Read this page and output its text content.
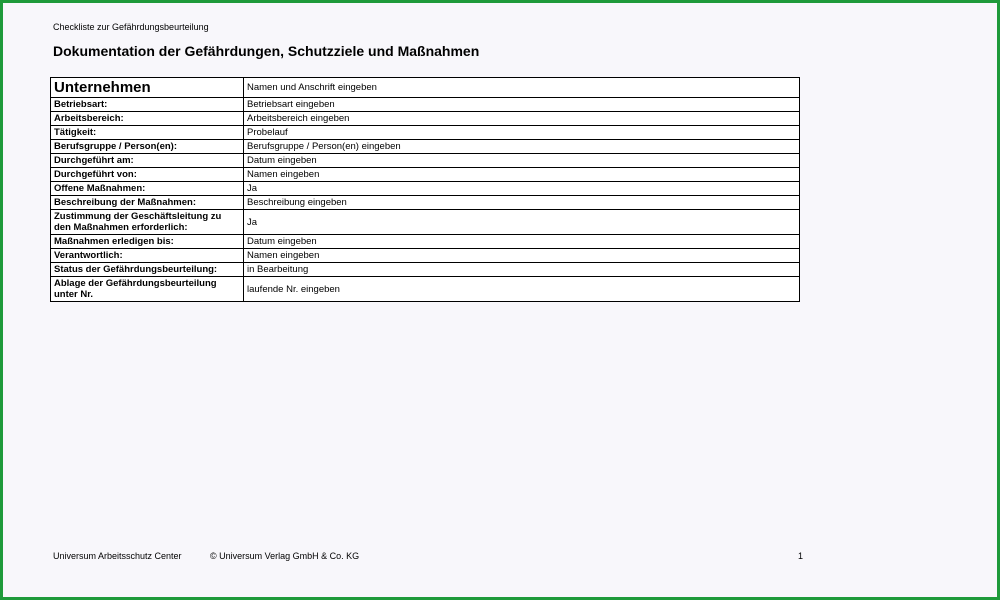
Checkliste zur Gefährdungsbeurteilung
Dokumentation der Gefährdungen, Schutzziele und Maßnahmen
Unternehmen	Namen und Anschrift eingeben
Betriebsart:	Betriebsart eingeben
Arbeitsbereich:	Arbeitsbereich eingeben
Tätigkeit:	Probelauf
Berufsgruppe / Person(en):	Berufsgruppe / Person(en) eingeben
Durchgeführt am:	Datum eingeben
Durchgeführt von:	Namen eingeben
Offene Maßnahmen:	Ja
Beschreibung der Maßnahmen:	Beschreibung eingeben
Zustimmung der Geschäftsleitung zu den Maßnahmen erforderlich:	Ja
Maßnahmen erledigen bis:	Datum eingeben
Verantwortlich:	Namen eingeben
Status der Gefährdungsbeurteilung:	in Bearbeitung
Ablage der Gefährdungsbeurteilung unter Nr.	laufende Nr. eingeben
Universum Arbeitsschutz Center	© Universum Verlag GmbH & Co. KG	1
